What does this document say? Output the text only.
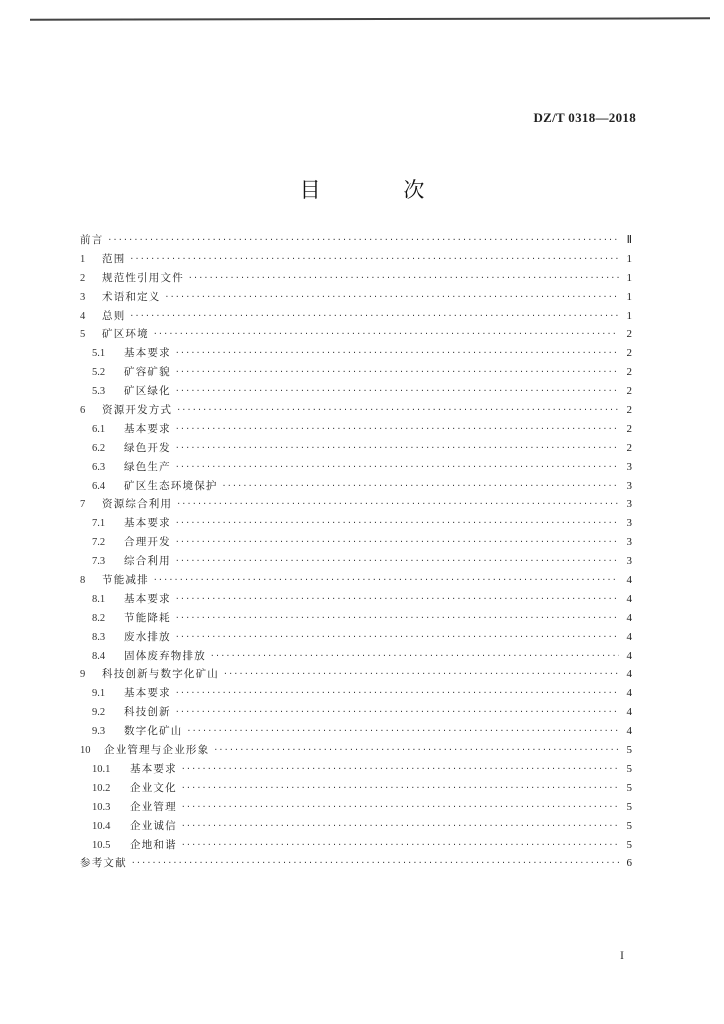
DZ/T 0318—2018
目 次
前言 ·····	Ⅱ
1	范围 ·····	1
2	规范性引用文件 ·····	1
3	术语和定义 ·····	1
4	总则 ·····	1
5	矿区环境 ·····	2
5.1	基本要求 ·····	2
5.2	矿容矿貌 ·····	2
5.3	矿区绿化 ·····	2
6	资源开发方式 ·····	2
6.1	基本要求 ·····	2
6.2	绿色开发 ·····	2
6.3	绿色生产 ·····	3
6.4	矿区生态环境保护 ·····	3
7	资源综合利用 ·····	3
7.1	基本要求 ·····	3
7.2	合理开发 ·····	3
7.3	综合利用 ·····	3
8	节能减排 ·····	4
8.1	基本要求 ·····	4
8.2	节能降耗 ·····	4
8.3	废水排放 ·····	4
8.4	固体废弃物排放 ·····	4
9	科技创新与数字化矿山 ·····	4
9.1	基本要求 ·····	4
9.2	科技创新 ·····	4
9.3	数字化矿山 ·····	4
10	企业管理与企业形象 ·····	5
10.1	基本要求 ·····	5
10.2	企业文化 ·····	5
10.3	企业管理 ·····	5
10.4	企业诚信 ·····	5
10.5	企地和谐 ·····	5
参考文献 ·····	6
I
